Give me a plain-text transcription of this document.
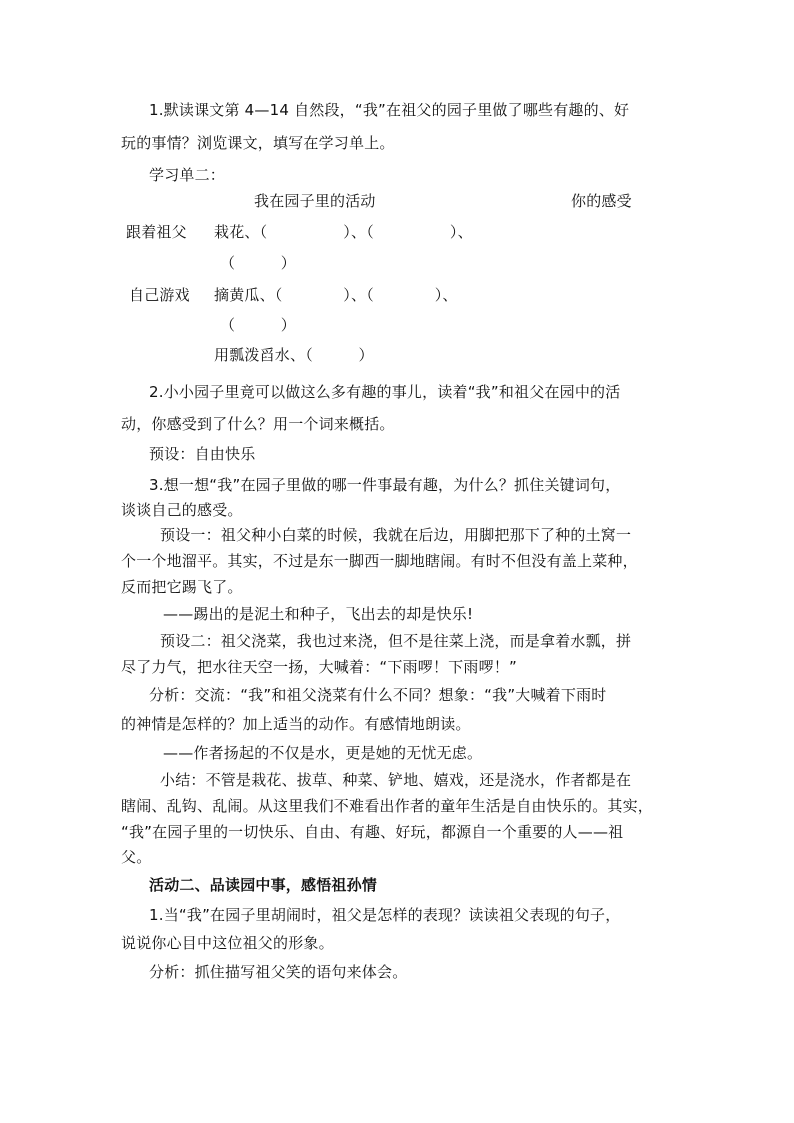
1.默读课文第 4—14 自然段，“我”在祖父的园子里做了哪些有趣的、好
玩的事情？浏览课文，填写在学习单上。
学习单二：
我在园子里的活动	你的感受
跟着祖父 栽花、（　　　　　）、（　　　　　）、
（　　　）
自己游戏 摘黄瓜、（　　　　）、（　　　　）、
（　　　）
用瓢泼舀水、（　　　）
2.小小园子里竟可以做这么多有趣的事儿，读着“我”和祖父在园中的活
动，你感受到了什么？用一个词来概括。
预设：自由快乐
3.想一想“我”在园子里做的哪一件事最有趣，为什么？抓住关键词句，
谈谈自己的感受。
预设一：祖父种小白菜的时候，我就在后边，用脚把那下了种的土窝一
个一个地溜平。其实，不过是东一脚西一脚地瞎闹。有时不但没有盖上菜种，
反而把它踢飞了。
——踢出的是泥土和种子，飞出去的却是快乐!
预设二：祖父浇菜，我也过来浇，但不是往菜上浇，而是拿着水瓢，拼
尽了力气，把水往天空一扬，大喊着：“下雨啰！下雨啰！”
分析：交流：“我”和祖父浇菜有什么不同？想象：“我”大喊着下雨时
的神情是怎样的？加上适当的动作。有感情地朗读。
——作者扬起的不仅是水，更是她的无忧无虑。
小结：不管是栽花、拔草、种菜、铲地、嬉戏，还是浇水，作者都是在
瞎闹、乱钩、乱闹。从这里我们不难看出作者的童年生活是自由快乐的。其实，
“我”在园子里的一切快乐、自由、有趣、好玩，都源自一个重要的人——祖
父。
活动二、品读园中事，感悟祖孙情
1.当“我”在园子里胡闹时，祖父是怎样的表现？读读祖父表现的句子，
说说你心目中这位祖父的形象。
分析：抓住描写祖父笑的语句来体会。
